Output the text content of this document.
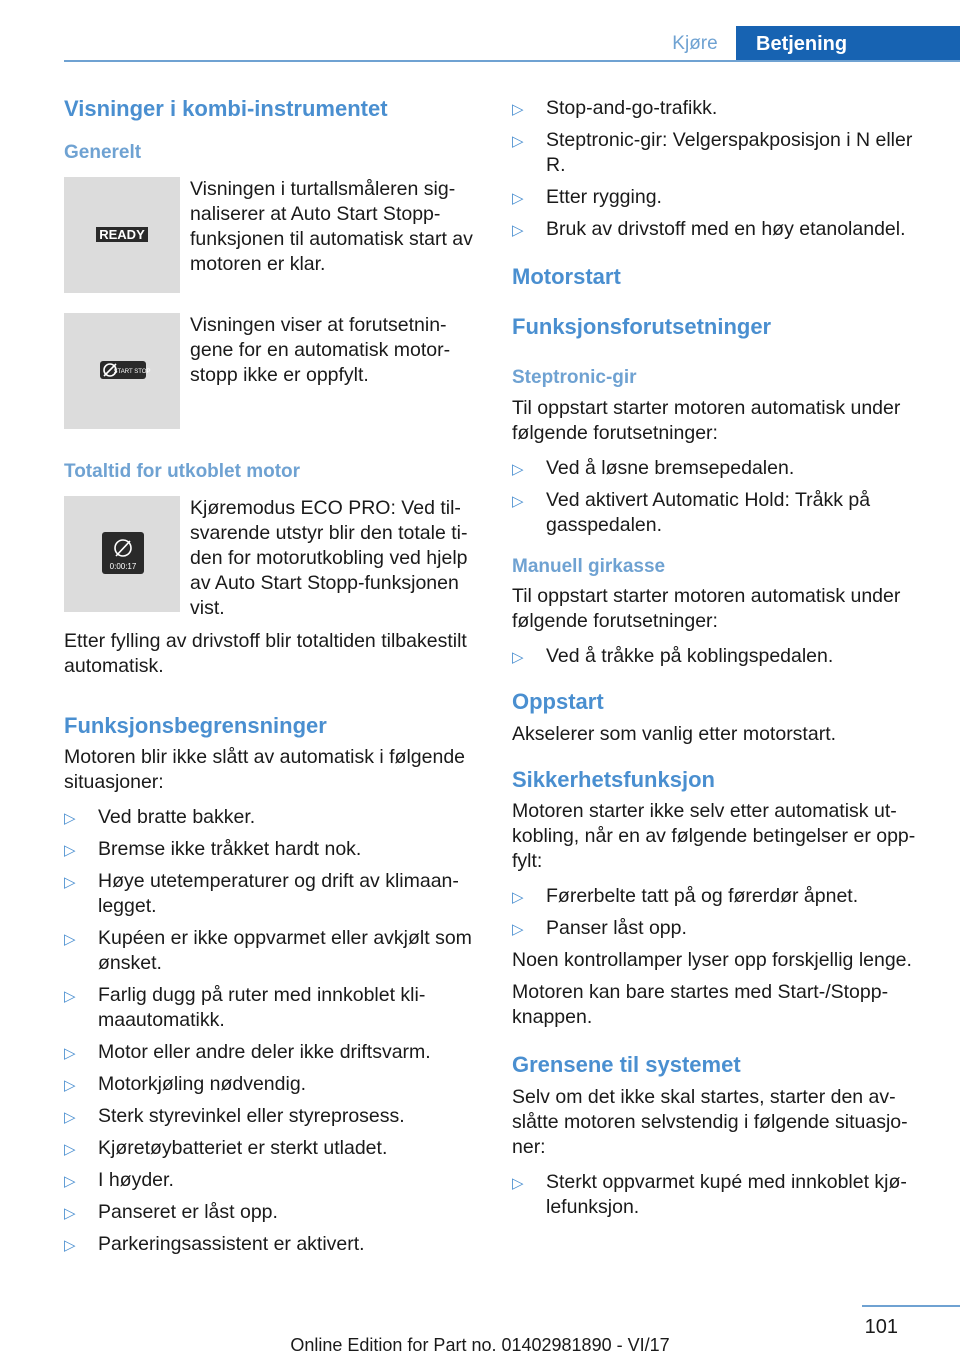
Kjøre	Betjening
Visninger i kombi-instrumentet
Generelt
READY

Visningen i turtallsmåleren signaliserer at Auto Start Stopp-funksjonen til automatisk start av motoren er klar.

START STOP

Visningen viser at forutsetningene for en automatisk motorstopp ikke er oppfylt.

Totaltid for utkoblet motor
0:00:17

Kjøremodus ECO PRO: Ved tilsvarende utstyr blir den totale tiden for motorutkobling ved hjelp av Auto Start Stopp-funksjonen vist.

Etter fylling av drivstoff blir totaltiden tilbakestilt automatisk.

Funksjonsbegrensninger

Motoren blir ikke slått av automatisk i følgende situasjoner:

▷ Ved bratte bakker.
▷ Bremse ikke tråkket hardt nok.
▷ Høye utetemperaturer og drift av klimaanlegget.
▷ Kupéen er ikke oppvarmet eller avkjølt som ønsket.
▷ Farlig dugg på ruter med innkoblet klimaautomatikk.
▷ Motor eller andre deler ikke driftsvarm.
▷ Motorkjøling nødvendig.
▷ Sterk styrevinkel eller styreprosess.
▷ Kjøretøybatteriet er sterkt utladet.
▷ I høyder.
▷ Panseret er låst opp.
▷ Parkeringsassistent er aktivert.
▷ Stop-and-go-trafikk.
▷ Steptronic-gir: Velgerspakposisjon i N eller R.
▷ Etter rygging.
▷ Bruk av drivstoff med en høy etanolandel.
Motorstart
Funksjonsforutsetninger
Steptronic-gir

Til oppstart starter motoren automatisk under følgende forutsetninger:

▷ Ved å løsne bremsepedalen.
▷ Ved aktivert Automatic Hold: Tråkk på gasspedalen.
Manuell girkasse

Til oppstart starter motoren automatisk under følgende forutsetninger:

▷ Ved å tråkke på koblingspedalen.
Oppstart

Akselerer som vanlig etter motorstart.

Sikkerhetsfunksjon

Motoren starter ikke selv etter automatisk utkobling, når en av følgende betingelser er oppfylt:

▷ Førerbelte tatt på og førerdør åpnet.
▷ Panser låst opp.

Noen kontrollamper lyser opp forskjellig lenge.

Motoren kan bare startes med Start-/Stopp-knappen.

Grensene til systemet

Selv om det ikke skal startes, starter den avslåtte motoren selvstendig i følgende situasjoner:

▷ Sterkt oppvarmet kupé med innkoblet kjølefunksjon.
101
Online Edition for Part no. 01402981890 - VI/17
